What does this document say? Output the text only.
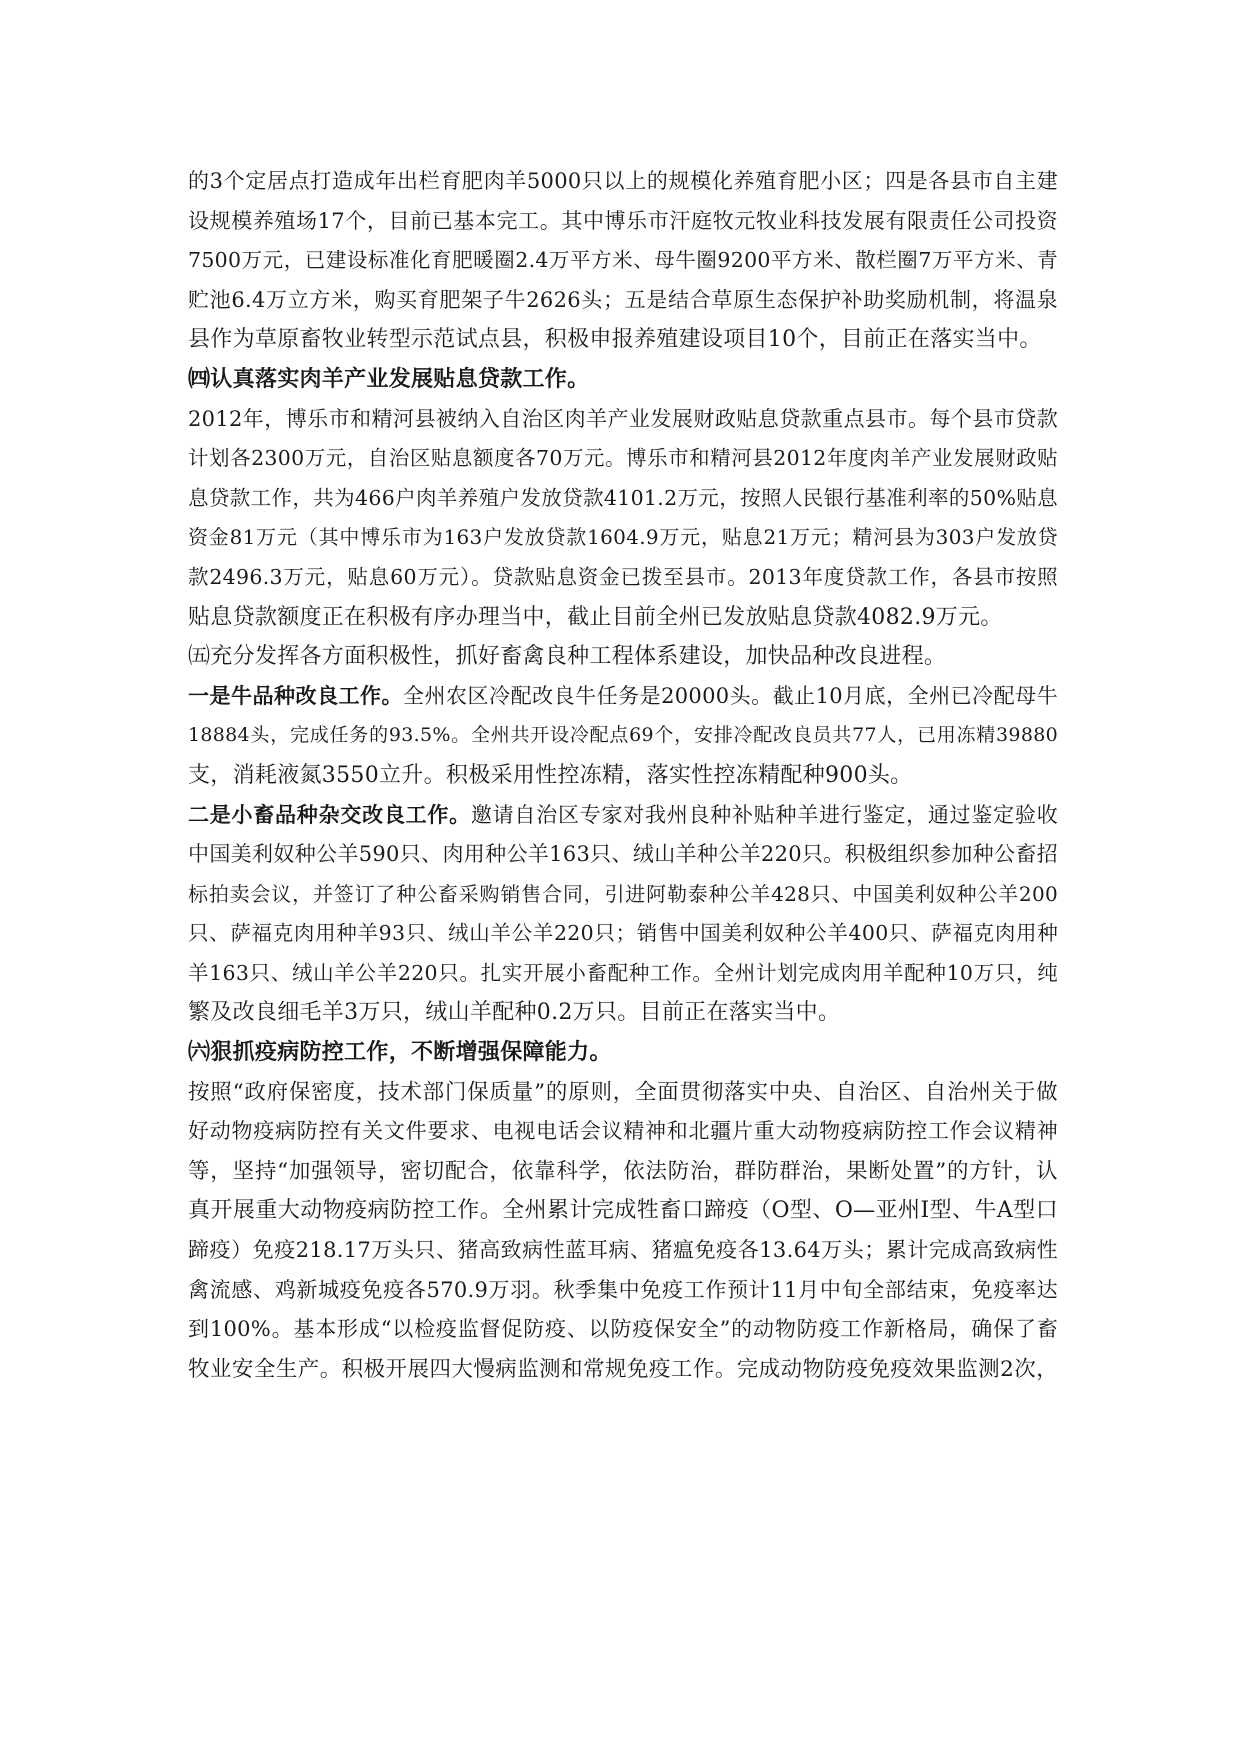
的3个定居点打造成年出栏育肥肉羊5000只以上的规模化养殖育肥小区；四是各县市自主建
设规模养殖场17个，目前已基本完工。其中博乐市汗庭牧元牧业科技发展有限责任公司投资
7500万元，已建设标准化育肥暖圈2.4万平方米、母牛圈9200平方米、散栏圈7万平方米、青
贮池6.4万立方米，购买育肥架子牛2626头；五是结合草原生态保护补助奖励机制，将温泉
县作为草原畜牧业转型示范试点县，积极申报养殖建设项目10个，目前正在落实当中。
㈣认真落实肉羊产业发展贴息贷款工作。
2012年，博乐市和精河县被纳入自治区肉羊产业发展财政贴息贷款重点县市。每个县市贷款
计划各2300万元，自治区贴息额度各70万元。博乐市和精河县2012年度肉羊产业发展财政贴
息贷款工作，共为466户肉羊养殖户发放贷款4101.2万元，按照人民银行基准利率的50%贴息
资金81万元（其中博乐市为163户发放贷款1604.9万元，贴息21万元；精河县为303户发放贷
款2496.3万元，贴息60万元）。贷款贴息资金已拨至县市。2013年度贷款工作，各县市按照
贴息贷款额度正在积极有序办理当中，截止目前全州已发放贴息贷款4082.9万元。
㈤充分发挥各方面积极性，抓好畜禽良种工程体系建设，加快品种改良进程。
一是牛品种改良工作。全州农区冷配改良牛任务是20000头。截止10月底，全州已冷配母牛
18884头，完成任务的93.5%。全州共开设冷配点69个，安排冷配改良员共77人，已用冻精39880
支，消耗液氮3550立升。积极采用性控冻精，落实性控冻精配种900头。
二是小畜品种杂交改良工作。邀请自治区专家对我州良种补贴种羊进行鉴定，通过鉴定验收
中国美利奴种公羊590只、肉用种公羊163只、绒山羊种公羊220只。积极组织参加种公畜招
标拍卖会议，并签订了种公畜采购销售合同，引进阿勒泰种公羊428只、中国美利奴种公羊200
只、萨福克肉用种羊93只、绒山羊公羊220只；销售中国美利奴种公羊400只、萨福克肉用种
羊163只、绒山羊公羊220只。扎实开展小畜配种工作。全州计划完成肉用羊配种10万只，纯
繁及改良细毛羊3万只，绒山羊配种0.2万只。目前正在落实当中。
㈥狠抓疫病防控工作，不断增强保障能力。
按照“政府保密度，技术部门保质量”的原则，全面贯彻落实中央、自治区、自治州关于做
好动物疫病防控有关文件要求、电视电话会议精神和北疆片重大动物疫病防控工作会议精神
等，坚持“加强领导，密切配合，依靠科学，依法防治，群防群治，果断处置”的方针，认
真开展重大动物疫病防控工作。全州累计完成牲畜口蹄疫（O型、O—亚州Ⅰ型、牛A型口
蹄疫）免疫218.17万头只、猪高致病性蓝耳病、猪瘟免疫各13.64万头；累计完成高致病性
禽流感、鸡新城疫免疫各570.9万羽。秋季集中免疫工作预计11月中旬全部结束，免疫率达
到100%。基本形成“以检疫监督促防疫、以防疫保安全”的动物防疫工作新格局，确保了畜
牧业安全生产。积极开展四大慢病监测和常规免疫工作。完成动物防疫免疫效果监测2次，
